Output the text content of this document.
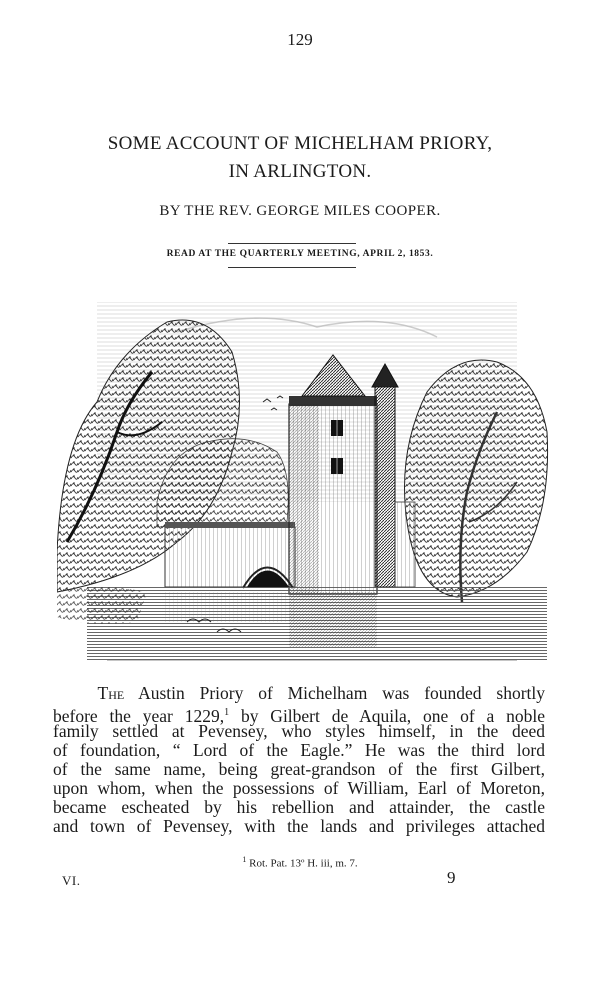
129
SOME ACCOUNT OF MICHELHAM PRIORY,
IN ARLINGTON.
BY THE REV. GEORGE MILES COOPER.
READ AT THE QUARTERLY MEETING, APRIL 2, 1853.
The Austin Priory of Michelham was founded shortly
before the year 1229,$^1$ by Gilbert de Aquila, one of a noble
family settled at Pevensey, who styles himself, in the deed
of foundation, “ Lord of the Eagle.” He was the third lord
of the same name, being great-grandson of the first Gilbert,
upon whom, when the possessions of William, Earl of Moreton,
became escheated by his rebellion and attainder, the castle
and town of Pevensey, with the lands and privileges attached
$^1$ Rot. Pat. 13º H. iii, m. 7.
VI.	9
